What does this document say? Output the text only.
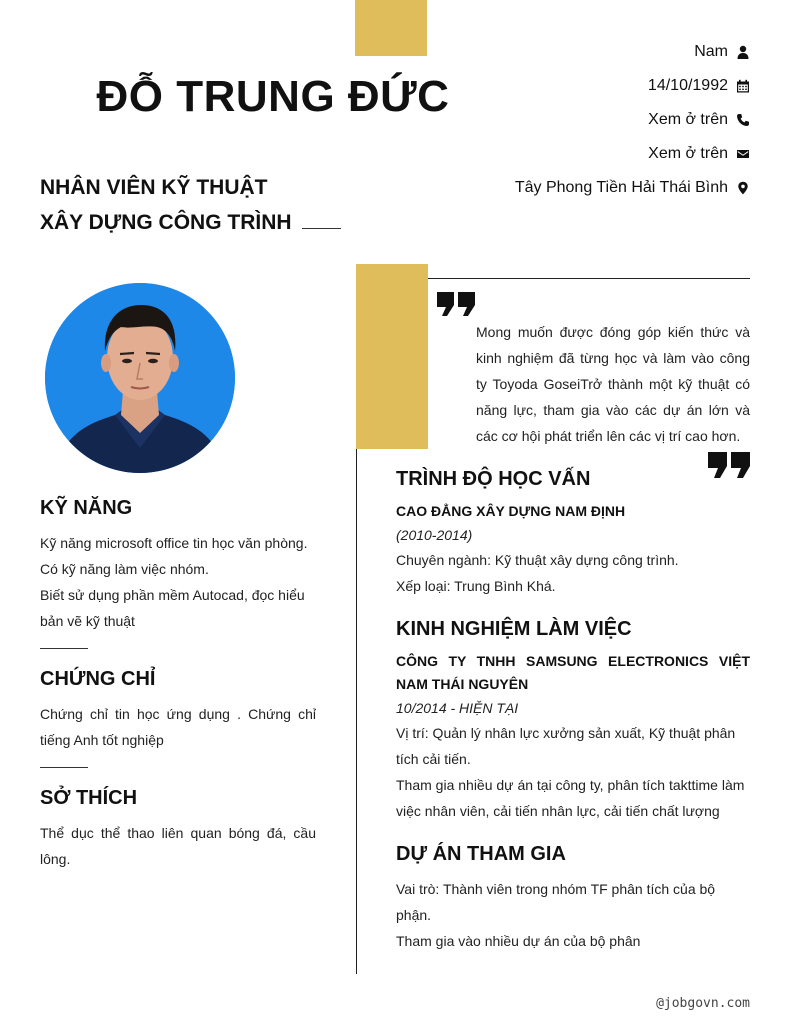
ĐỖ TRUNG ĐỨC
NHÂN VIÊN KỸ THUẬT
XÂY DỰNG CÔNG TRÌNH
Nam
14/10/1992
Xem ở trên
Xem ở trên
Tây Phong Tiền Hải Thái Bình
Mong muốn được đóng góp kiến thức và kinh nghiệm đã từng học và làm vào công ty Toyoda GoseiTrở thành một kỹ thuật có năng lực, tham gia vào các dự án lớn và các cơ hội phát triển lên các vị trí cao hơn.
KỸ NĂNG
Kỹ năng microsoft office tin học văn phòng.
Có kỹ năng làm việc nhóm.
Biết sử dụng phần mềm Autocad, đọc hiểu bản vẽ kỹ thuật
CHỨNG CHỈ
Chứng chỉ tin học ứng dụng . Chứng chỉ tiếng Anh tốt nghiệp
SỞ THÍCH
Thể dục thể thao liên quan bóng đá, cầu lông.
TRÌNH ĐỘ HỌC VẤN
CAO ĐẲNG XÂY DỰNG NAM ĐỊNH
(2010-2014)
Chuyên ngành: Kỹ thuật xây dựng công trình.
Xếp loại: Trung Bình Khá.
KINH NGHIỆM LÀM VIỆC
CÔNG TY TNHH SAMSUNG ELECTRONICS VIỆT NAM THÁI NGUYÊN
10/2014 - HIỆN TẠI
Vị trí: Quản lý nhân lực xưởng sản xuất, Kỹ thuật phân tích cải tiến.
Tham gia nhiều dự án tại công ty, phân tích takttime làm việc nhân viên, cải tiến nhân lực, cải tiến chất lượng
DỰ ÁN THAM GIA
Vai trò: Thành viên trong nhóm TF phân tích của bộ phận.
Tham gia vào nhiều dự án của bộ phân
@jobgovn.com
